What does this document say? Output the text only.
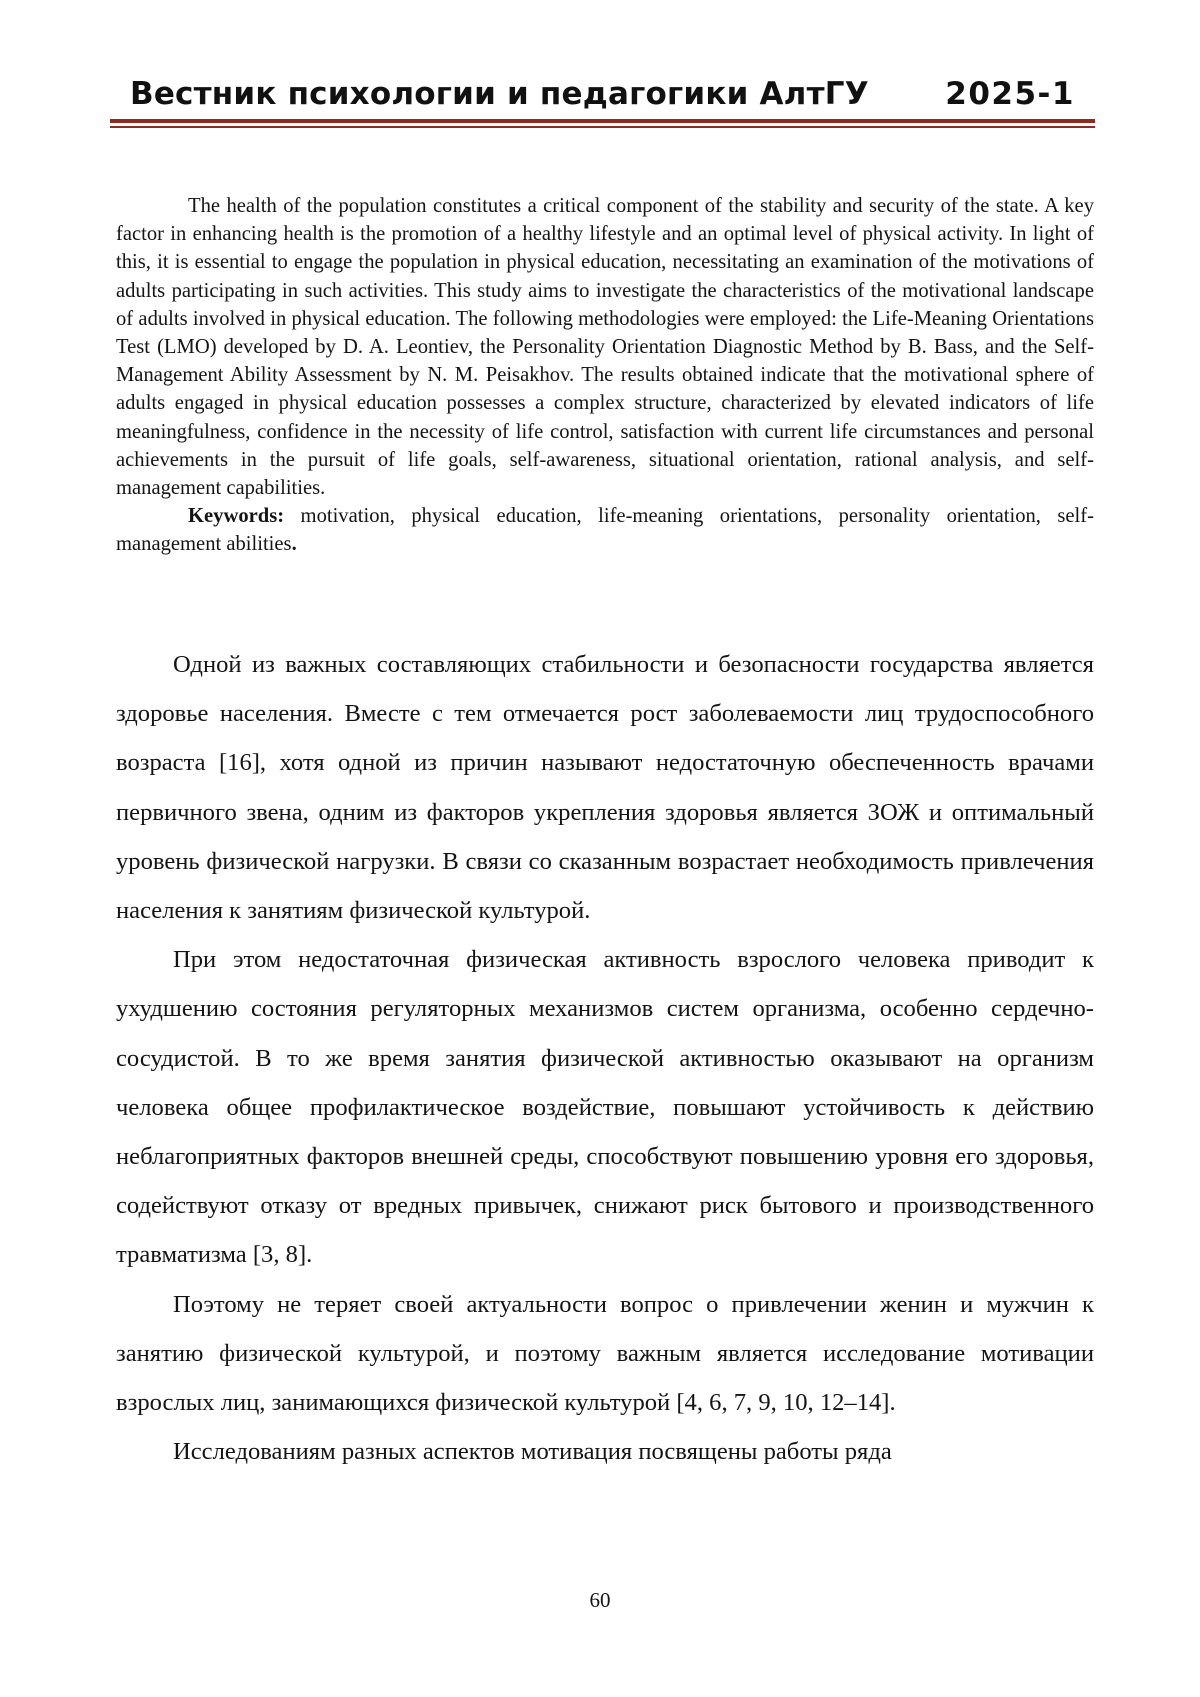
Вестник психологии и педагогики АлтГУ 2025-1

The health of the population constitutes a critical component of the stability and security of the state. A key factor in enhancing health is the promotion of a healthy lifestyle and an optimal level of physical activity. In light of this, it is essential to engage the population in physical education, necessitating an examination of the motivations of adults participating in such activities. This study aims to investigate the characteristics of the motivational landscape of adults involved in physical education. The following methodologies were employed: the Life-Meaning Orientations Test (LMO) developed by D. A. Leontiev, the Personality Orientation Diagnostic Method by B. Bass, and the Self-Management Ability Assessment by N. M. Peisakhov. The results obtained indicate that the motivational sphere of adults engaged in physical education possesses a complex structure, characterized by elevated indicators of life meaningfulness, confidence in the necessity of life control, satisfaction with current life circumstances and personal achievements in the pursuit of life goals, self-awareness, situational orientation, rational analysis, and self-management capabilities.

Keywords: motivation, physical education, life-meaning orientations, personality orientation, self-management abilities.

Одной из важных составляющих стабильности и безопасности государства является здоровье населения. Вместе с тем отмечается рост заболеваемости лиц трудоспособного возраста [16], хотя одной из причин называют недостаточную обеспеченность врачами первичного звена, одним из факторов укрепления здоровья является ЗОЖ и оптимальный уровень физической нагрузки. В связи со сказанным возрастает необходимость привлечения населения к занятиям физической культурой.

При этом недостаточная физическая активность взрослого человека приводит к ухудшению состояния регуляторных механизмов систем организма, особенно сердечно-сосудистой. В то же время занятия физической активностью оказывают на организм человека общее профилактическое воздействие, повышают устойчивость к действию неблагоприятных факторов внешней среды, способствуют повышению уровня его здоровья, содействуют отказу от вредных привычек, снижают риск бытового и производственного травматизма [3, 8].

Поэтому не теряет своей актуальности вопрос о привлечении женин и мужчин к занятию физической культурой, и поэтому важным является исследование мотивации взрослых лиц, занимающихся физической культурой [4, 6, 7, 9, 10, 12–14].

Исследованиям разных аспектов мотивация посвящены работы ряда

60
